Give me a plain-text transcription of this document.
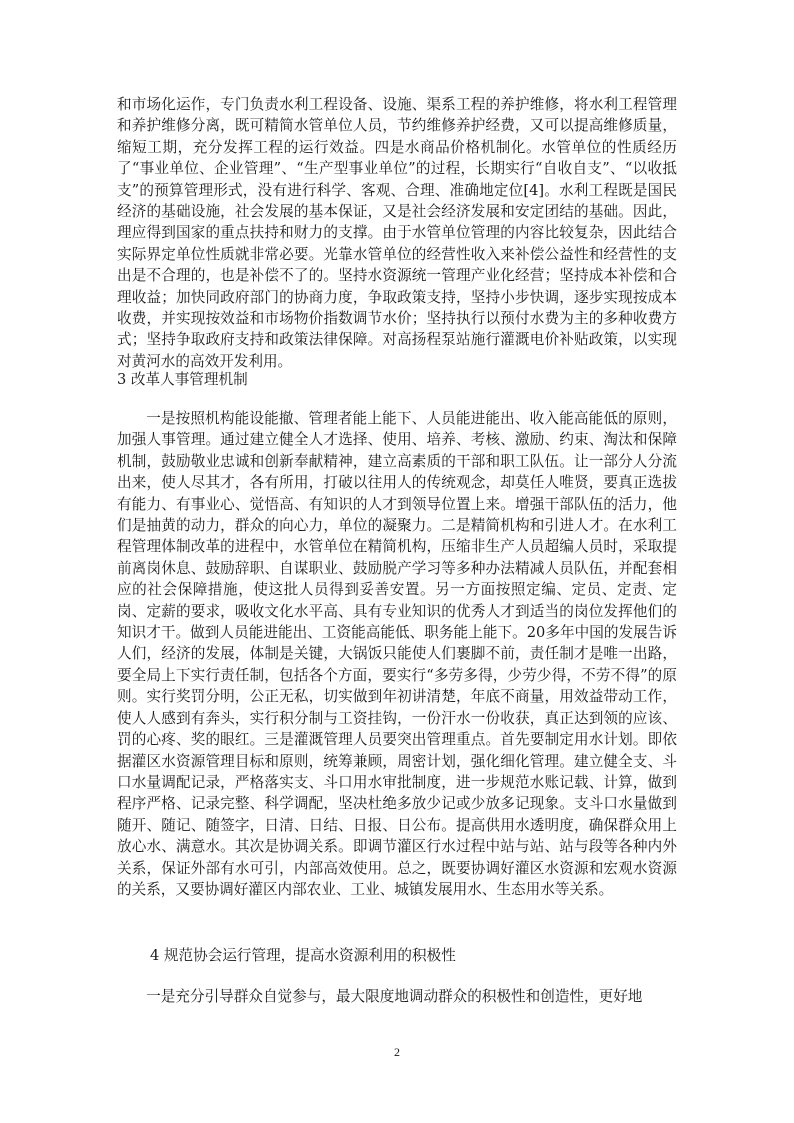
和市场化运作，专门负责水利工程设备、设施、渠系工程的养护维修，将水利工程管理和养护维修分离，既可精简水管单位人员，节约维修养护经费，又可以提高维修质量，缩短工期，充分发挥工程的运行效益。四是水商品价格机制化。水管单位的性质经历了“事业单位、企业管理”、“生产型事业单位”的过程，长期实行“自收自支”、“以收抵支”的预算管理形式，没有进行科学、客观、合理、准确地定位[4]。水利工程既是国民经济的基础设施，社会发展的基本保证，又是社会经济发展和安定团结的基础。因此，理应得到国家的重点扶持和财力的支撑。由于水管单位管理的内容比较复杂，因此结合实际界定单位性质就非常必要。光靠水管单位的经营性收入来补偿公益性和经营性的支出是不合理的，也是补偿不了的。坚持水资源统一管理产业化经营；坚持成本补偿和合理收益；加快同政府部门的协商力度，争取政策支持，坚持小步快调，逐步实现按成本收费，并实现按效益和市场物价指数调节水价；坚持执行以预付水费为主的多种收费方式；坚持争取政府支持和政策法律保障。对高扬程泵站施行灌溉电价补贴政策，以实现对黄河水的高效开发利用。

3 改革人事管理机制

一是按照机构能设能撤、管理者能上能下、人员能进能出、收入能高能低的原则，加强人事管理。通过建立健全人才选择、使用、培养、考核、激励、约束、淘汰和保障机制，鼓励敬业忠诚和创新奉献精神，建立高素质的干部和职工队伍。让一部分人分流出来，使人尽其才，各有所用，打破以往用人的传统观念，却莫任人唯贤，要真正选拔有能力、有事业心、觉悟高、有知识的人才到领导位置上来。增强干部队伍的活力，他们是抽黄的动力，群众的向心力，单位的凝聚力。二是精简机构和引进人才。在水利工程管理体制改革的进程中，水管单位在精简机构，压缩非生产人员超编人员时，采取提前离岗休息、鼓励辞职、自谋职业、鼓励脱产学习等多种办法精减人员队伍，并配套相应的社会保障措施，使这批人员得到妥善安置。另一方面按照定编、定员、定责、定岗、定薪的要求，吸收文化水平高、具有专业知识的优秀人才到适当的岗位发挥他们的知识才干。做到人员能进能出、工资能高能低、职务能上能下。20多年中国的发展告诉人们，经济的发展，体制是关键，大锅饭只能使人们裹脚不前，责任制才是唯一出路，要全局上下实行责任制，包括各个方面，要实行“多劳多得，少劳少得，不劳不得”的原则。实行奖罚分明，公正无私，切实做到年初讲清楚，年底不商量，用效益带动工作，使人人感到有奔头，实行积分制与工资挂钩，一份汗水一份收获，真正达到领的应该、罚的心疼、奖的眼红。三是灌溉管理人员要突出管理重点。首先要制定用水计划。即依据灌区水资源管理目标和原则，统筹兼顾，周密计划，强化细化管理。建立健全支、斗口水量调配记录，严格落实支、斗口用水审批制度，进一步规范水账记载、计算，做到程序严格、记录完整、科学调配，坚决杜绝多放少记或少放多记现象。支斗口水量做到随开、随记、随签字，日清、日结、日报、日公布。提高供用水透明度，确保群众用上放心水、满意水。其次是协调关系。即调节灌区行水过程中站与站、站与段等各种内外关系，保证外部有水可引，内部高效使用。总之，既要协调好灌区水资源和宏观水资源的关系，又要协调好灌区内部农业、工业、城镇发展用水、生态用水等关系。

4 规范协会运行管理，提高水资源利用的积极性

一是充分引导群众自觉参与，最大限度地调动群众的积极性和创造性，更好地

2
